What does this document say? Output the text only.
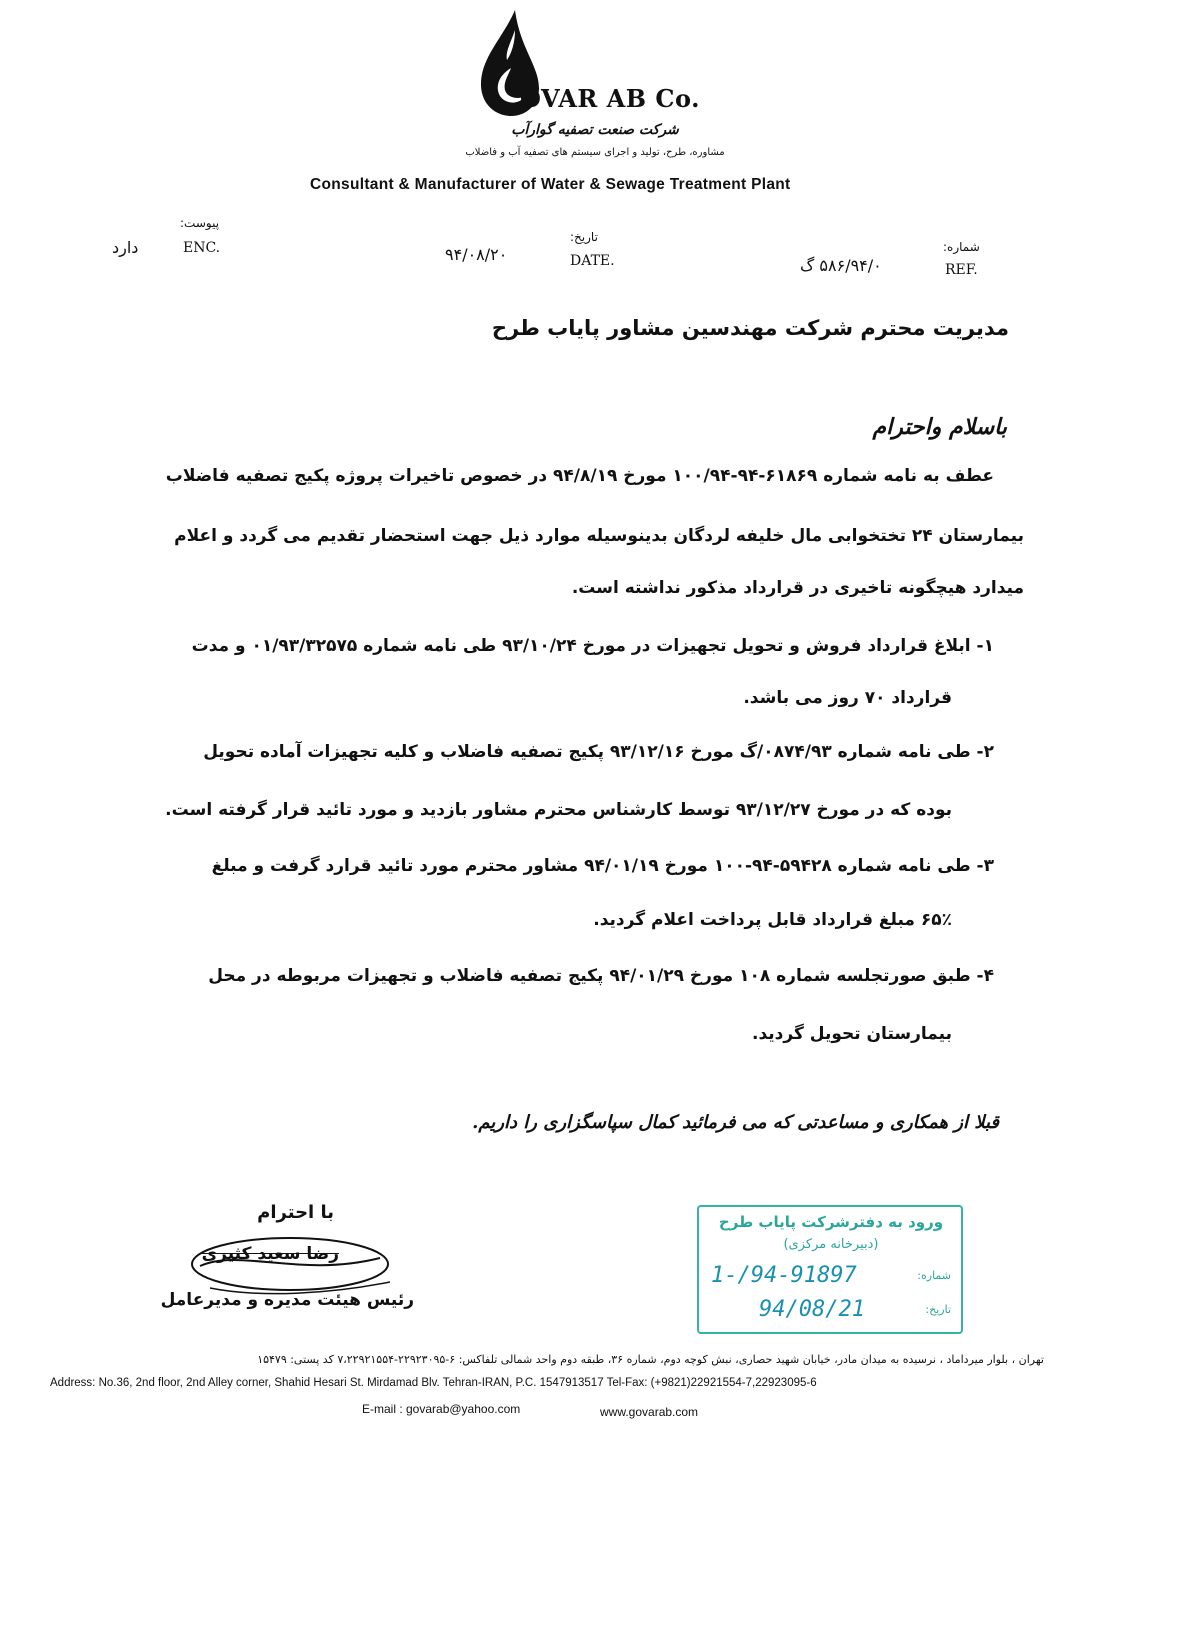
OVAR AB Co.
شرکت صنعت تصفیه گوارآب
مشاوره، طرح، تولید و اجرای سیستم های تصفیه آب و فاضلاب
Consultant & Manufacturer of Water & Sewage Treatment Plant
پیوست:
ENC.
دارد
تاریخ:
DATE.
۹۴/۰۸/۲۰	شماره:
REF.
۵۸۶/۹۴/۰ گ
مدیریت محترم شرکت مهندسین مشاور پایاب طرح
باسلام واحترام
عطف به نامه شماره ۶۱۸۶۹-۹۴-۱۰۰/۹۴ مورخ ۹۴/۸/۱۹ در خصوص تاخیرات پروژه پکیج تصفیه فاضلاب
بیمارستان ۲۴ تختخوابی مال خلیفه لردگان بدینوسیله موارد ذیل جهت استحضار تقدیم می گردد و اعلام
میدارد هیچگونه تاخیری در قرارداد مذکور نداشته است.
۱- ابلاغ قرارداد فروش و تحویل تجهیزات در مورخ ۹۳/۱۰/۲۴ طی نامه شماره ۰۱/۹۳/۳۲۵۷۵ و مدت
قرارداد ۷۰ روز می باشد.
۲- طی نامه شماره ۰۸۷۴/۹۳/گ مورخ ۹۳/۱۲/۱۶ پکیج تصفیه فاضلاب و کلیه تجهیزات آماده تحویل
بوده که در مورخ ۹۳/۱۲/۲۷ توسط کارشناس محترم مشاور بازدید و مورد تائید قرار گرفته است.
۳- طی نامه شماره ۵۹۴۲۸-۹۴-۱۰۰ مورخ ۹۴/۰۱/۱۹ مشاور محترم مورد تائید قرارد گرفت و مبلغ
۶۵٪ مبلغ قرارداد قابل پرداخت اعلام گردید.
۴- طبق صورتجلسه شماره ۱۰۸ مورخ ۹۴/۰۱/۲۹ پکیج تصفیه فاضلاب و تجهیزات مربوطه در محل
بیمارستان تحویل گردید.
قبلا از همکاری و مساعدتی که می فرمائید کمال سپاسگزاری را داریم.
با احترام
رضا سعید کثیری
رئیس هیئت مدیره و مدیرعامل
ورود به دفترشرکت پایاب طرح
(دبیرخانه مرکزی)
شماره:
1-/94-91897
تاریخ:
94/08/21
تهران ، بلوار میرداماد ، نرسیده به میدان مادر، خیابان شهید حصاری، نبش کوچه دوم، شماره ۳۶، طبقه دوم واحد شمالی تلفاکس: ۶-۲۲۹۲۳۰۹۵-۷،۲۲۹۲۱۵۵۴ کد پستی: ۱۵۴۷۹
Address: No.36, 2nd floor, 2nd Alley corner, Shahid Hesari St. Mirdamad Blv. Tehran-IRAN, P.C. 1547913517 Tel-Fax: (+9821)22921554-7,22923095-6
E-mail : govarab@yahoo.com	www.govarab.com
